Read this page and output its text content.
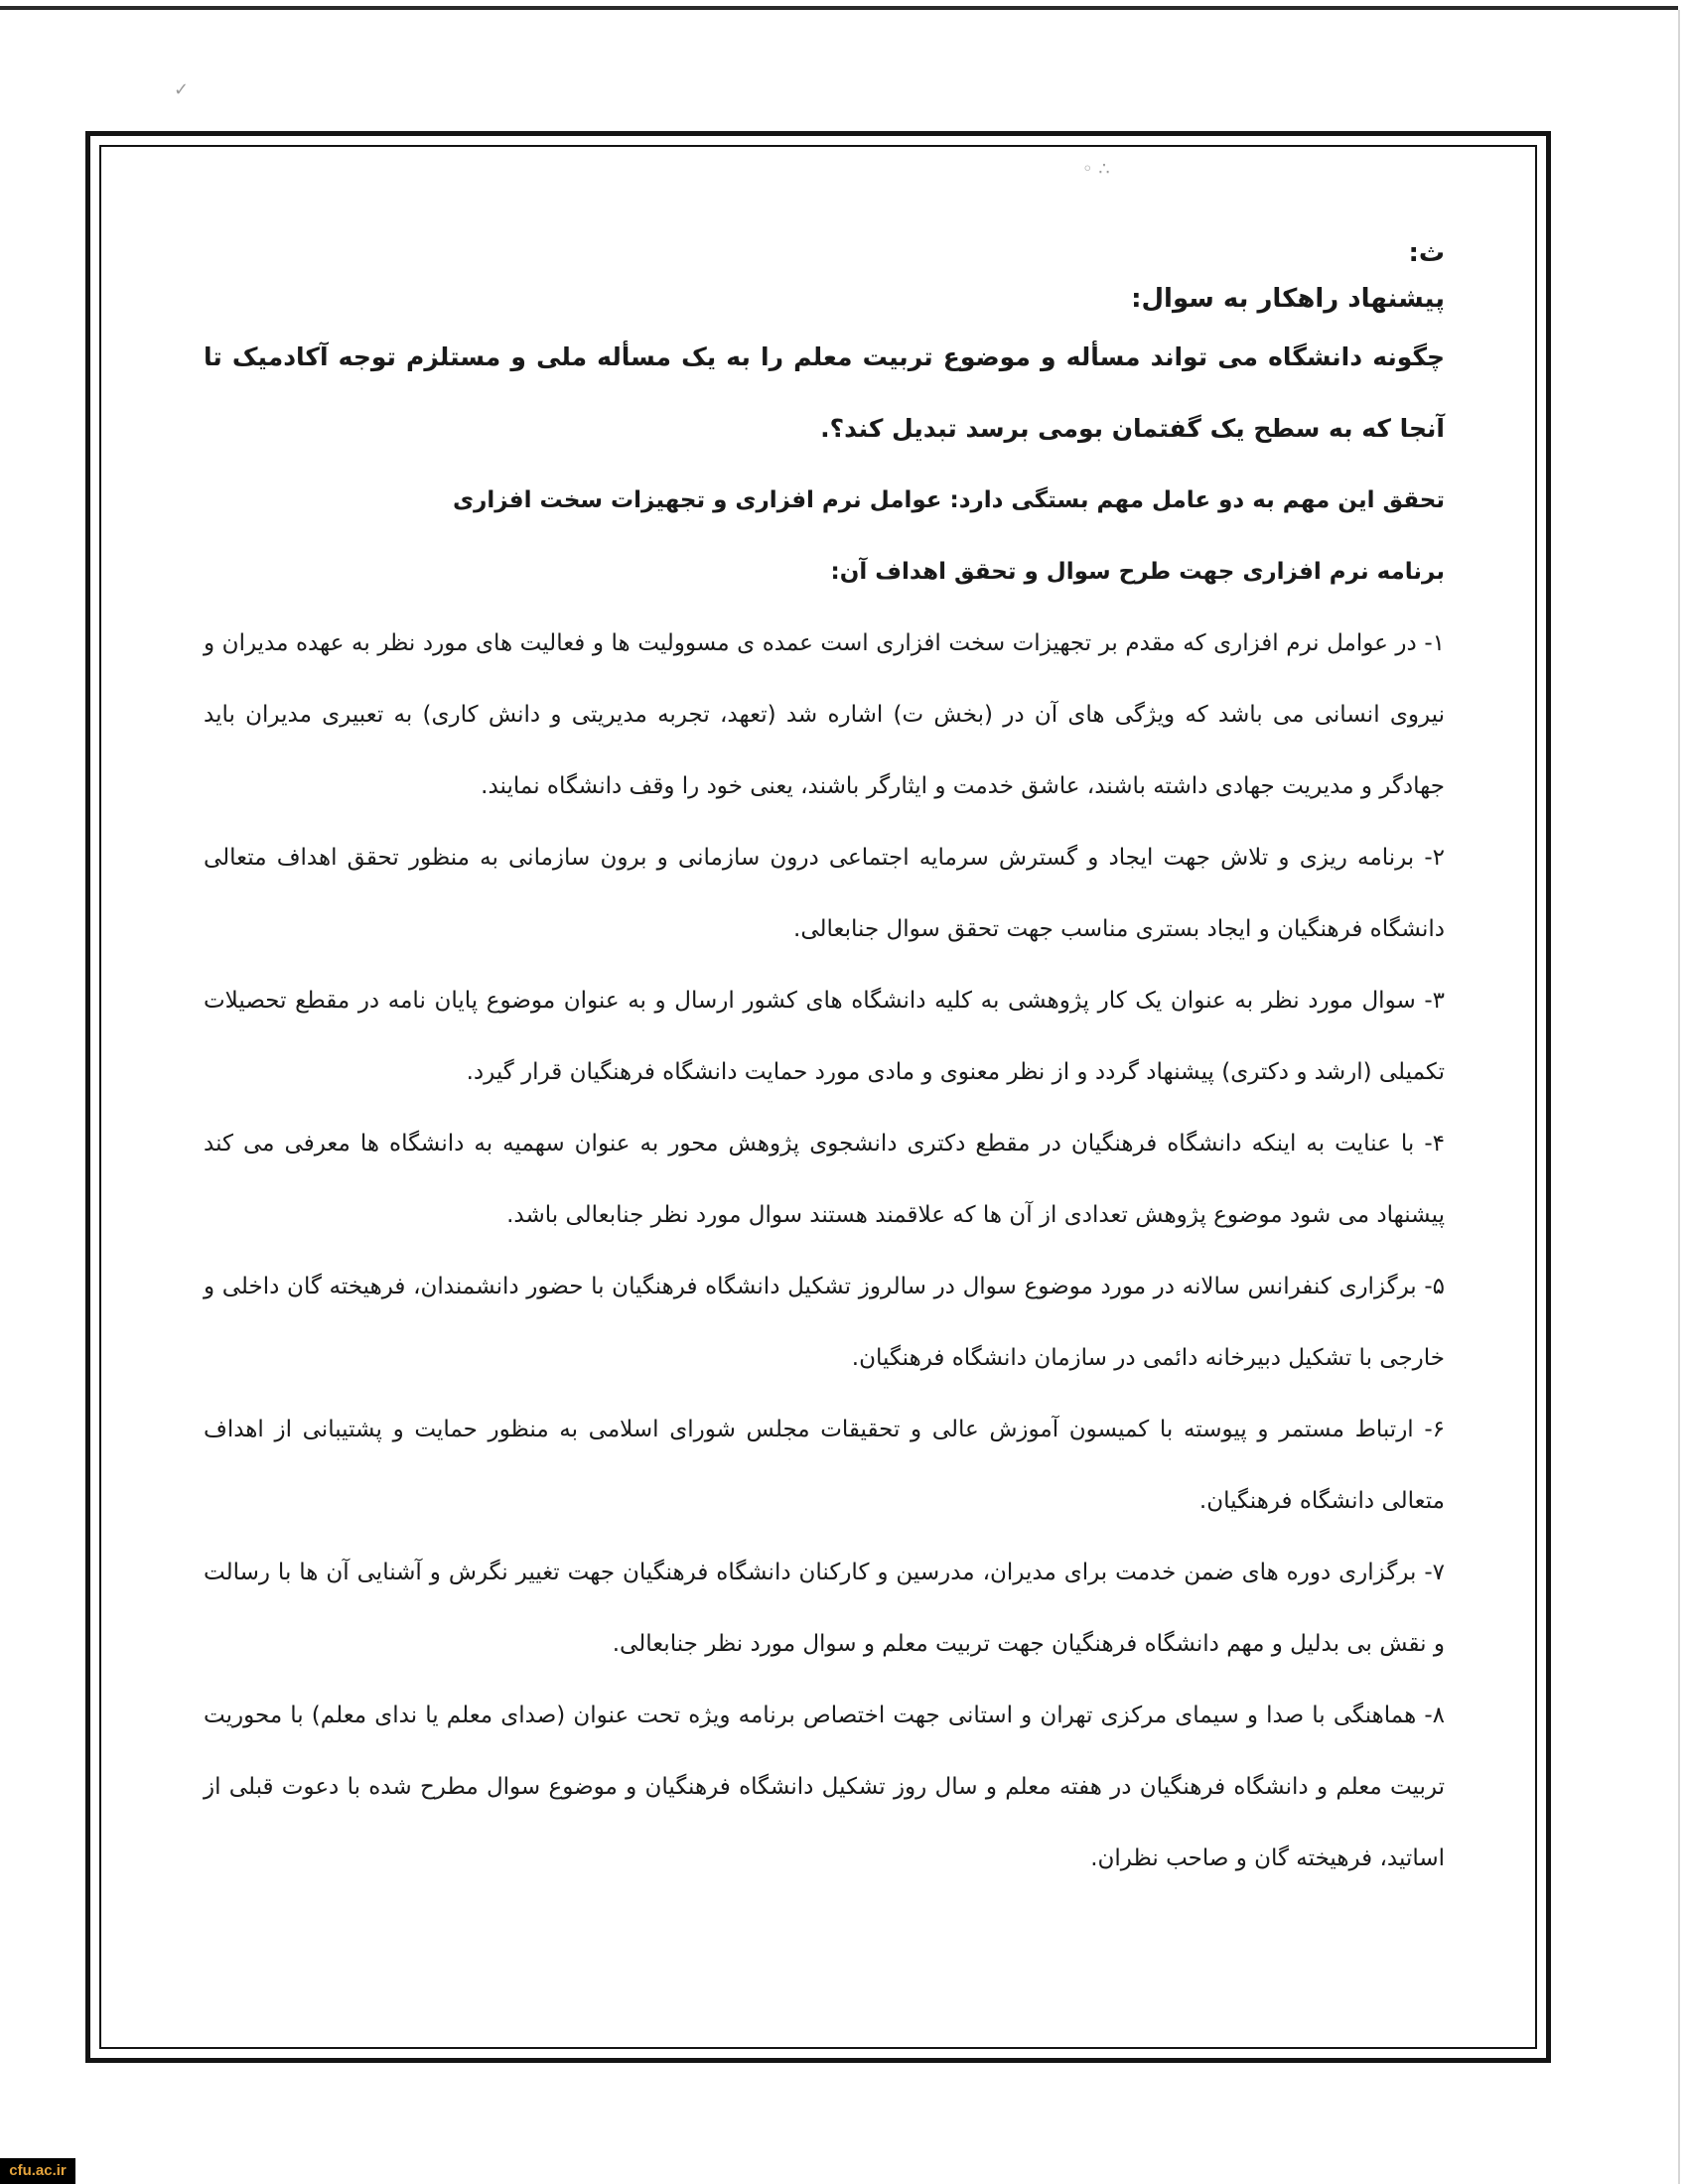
∴ ◦
✓
ث:
پیشنهاد راهکار به سوال:

چگونه دانشگاه می تواند مسأله و موضوع تربیت معلم را به یک مسأله ملی و مستلزم توجه آکادمیک تا آنجا که به سطح یک گفتمان بومی برسد تبدیل کند؟.

تحقق این مهم به دو عامل مهم بستگی دارد: عوامل نرم افزاری و تجهیزات سخت افزاری

برنامه نرم افزاری جهت طرح سوال و تحقق اهداف آن:

۱- در عوامل نرم افزاری که مقدم بر تجهیزات سخت افزاری است عمده ی مسوولیت ها و فعالیت های مورد نظر به عهده مدیران و نیروی انسانی می باشد که ویژگی های آن در (بخش ت) اشاره شد (تعهد، تجربه مدیریتی و دانش کاری) به تعبیری مدیران باید جهادگر و مدیریت جهادی داشته باشند، عاشق خدمت و ایثارگر باشند، یعنی خود را وقف دانشگاه نمایند.

۲- برنامه ریزی و تلاش جهت ایجاد و گسترش سرمایه اجتماعی درون سازمانی و برون سازمانی به منظور تحقق اهداف متعالی دانشگاه فرهنگیان و ایجاد بستری مناسب جهت تحقق سوال جنابعالی.

۳- سوال مورد نظر به عنوان یک کار پژوهشی به کلیه دانشگاه های کشور ارسال و به عنوان موضوع پایان نامه در مقطع تحصیلات تکمیلی (ارشد و دکتری) پیشنهاد گردد و از نظر معنوی و مادی مورد حمایت دانشگاه فرهنگیان قرار گیرد.

۴- با عنایت به اینکه دانشگاه فرهنگیان در مقطع دکتری دانشجوی پژوهش محور به عنوان سهمیه به دانشگاه ها معرفی می کند پیشنهاد می شود موضوع پژوهش تعدادی از آن ها که علاقمند هستند سوال مورد نظر جنابعالی باشد.

۵- برگزاری کنفرانس سالانه در مورد موضوع سوال در سالروز تشکیل دانشگاه فرهنگیان با حضور دانشمندان، فرهیخته گان داخلی و خارجی با تشکیل دبیرخانه دائمی در سازمان دانشگاه فرهنگیان.

۶- ارتباط مستمر و پیوسته با کمیسون آموزش عالی و تحقیقات مجلس شورای اسلامی به منظور حمایت و پشتیبانی از اهداف متعالی دانشگاه فرهنگیان.

۷- برگزاری دوره های ضمن خدمت برای مدیران، مدرسین و کارکنان دانشگاه فرهنگیان جهت تغییر نگرش و آشنایی آن ها با رسالت و نقش بی بدلیل و مهم دانشگاه فرهنگیان جهت تربیت معلم و سوال مورد نظر جنابعالی.

۸- هماهنگی با صدا و سیمای مرکزی تهران و استانی جهت اختصاص برنامه ویژه تحت عنوان (صدای معلم یا ندای معلم) با محوریت تربیت معلم و دانشگاه فرهنگیان در هفته معلم و سال روز تشکیل دانشگاه فرهنگیان و موضوع سوال مطرح شده با دعوت قبلی از اساتید، فرهیخته گان و صاحب نظران.

cfu.ac.ir
